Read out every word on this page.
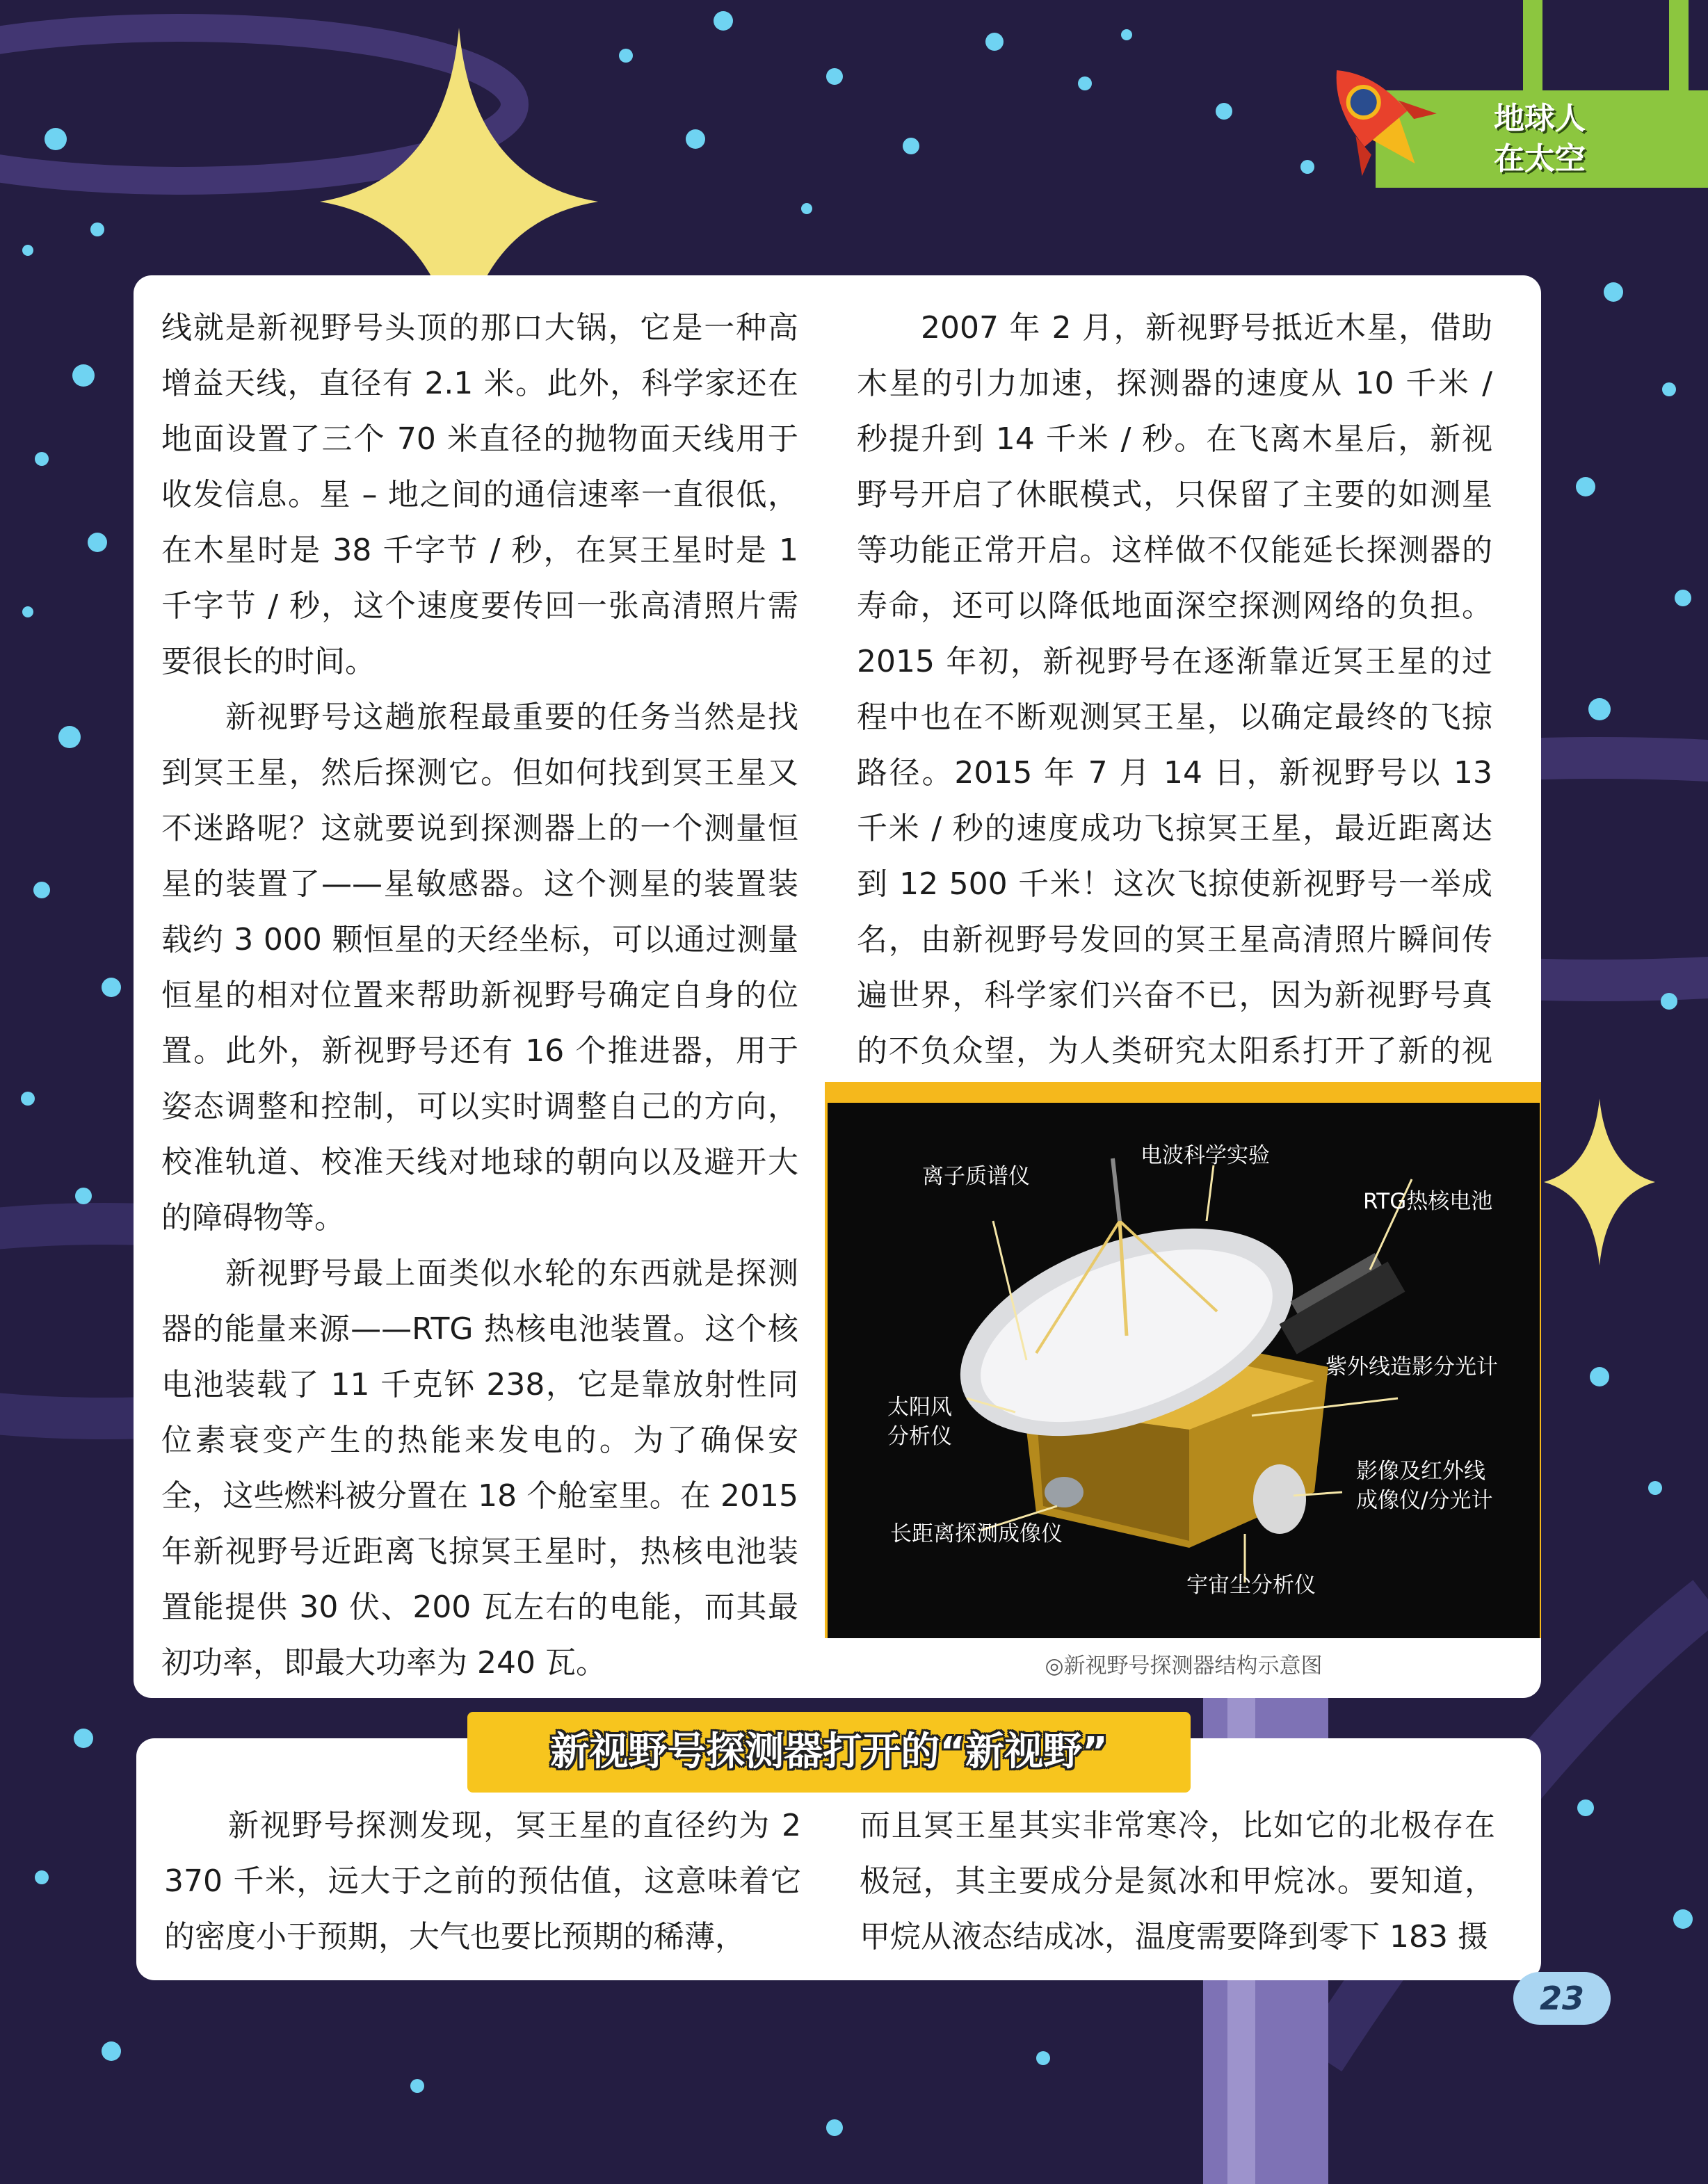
地球人
在太空

线就是新视野号头顶的那口大锅，它是一种高增益天线，直径有 2.1 米。此外，科学家还在地面设置了三个 70 米直径的抛物面天线用于收发信息。星 – 地之间的通信速率一直很低，在木星时是 38 千字节 / 秒，在冥王星时是 1 千字节 / 秒，这个速度要传回一张高清照片需要很长的时间。

新视野号这趟旅程最重要的任务当然是找到冥王星，然后探测它。但如何找到冥王星又不迷路呢？这就要说到探测器上的一个测量恒星的装置了——星敏感器。这个测星的装置装载约 3 000 颗恒星的天经坐标，可以通过测量恒星的相对位置来帮助新视野号确定自身的位置。此外，新视野号还有 16 个推进器，用于姿态调整和控制，可以实时调整自己的方向，校准轨道、校准天线对地球的朝向以及避开大的障碍物等。

新视野号最上面类似水轮的东西就是探测器的能量来源——RTG 热核电池装置。这个核电池装载了 11 千克钚 238，它是靠放射性同位素衰变产生的热能来发电的。为了确保安全，这些燃料被分置在 18 个舱室里。在 2015 年新视野号近距离飞掠冥王星时，热核电池装置能提供 30 伏、200 瓦左右的电能，而其最初功率，即最大功率为 240 瓦。

2007 年 2 月，新视野号抵近木星，借助木星的引力加速，探测器的速度从 10 千米 / 秒提升到 14 千米 / 秒。在飞离木星后，新视野号开启了休眠模式，只保留了主要的如测星等功能正常开启。这样做不仅能延长探测器的寿命，还可以降低地面深空探测网络的负担。2015 年初，新视野号在逐渐靠近冥王星的过程中也在不断观测冥王星，以确定最终的飞掠路径。2015 年 7 月 14 日，新视野号以 13 千米 / 秒的速度成功飞掠冥王星，最近距离达到 12 500 千米！这次飞掠使新视野号一举成名，由新视野号发回的冥王星高清照片瞬间传遍世界，科学家们兴奋不已，因为新视野号真的不负众望，为人类研究太阳系打开了新的视

离子质谱仪
电波科学实验
RTG热核电池
紫外线造影分光计
太阳风
分析仪
影像及红外线
成像仪/分光计
长距离探测成像仪
宇宙尘分析仪
◎新视野号探测器结构示意图
新视野号探测器打开的“新视野”

新视野号探测发现，冥王星的直径约为 2 370 千米，远大于之前的预估值，这意味着它的密度小于预期，大气也要比预期的稀薄，

而且冥王星其实非常寒冷，比如它的北极存在极冠，其主要成分是氮冰和甲烷冰。要知道，甲烷从液态结成冰，温度需要降到零下 183 摄

23
